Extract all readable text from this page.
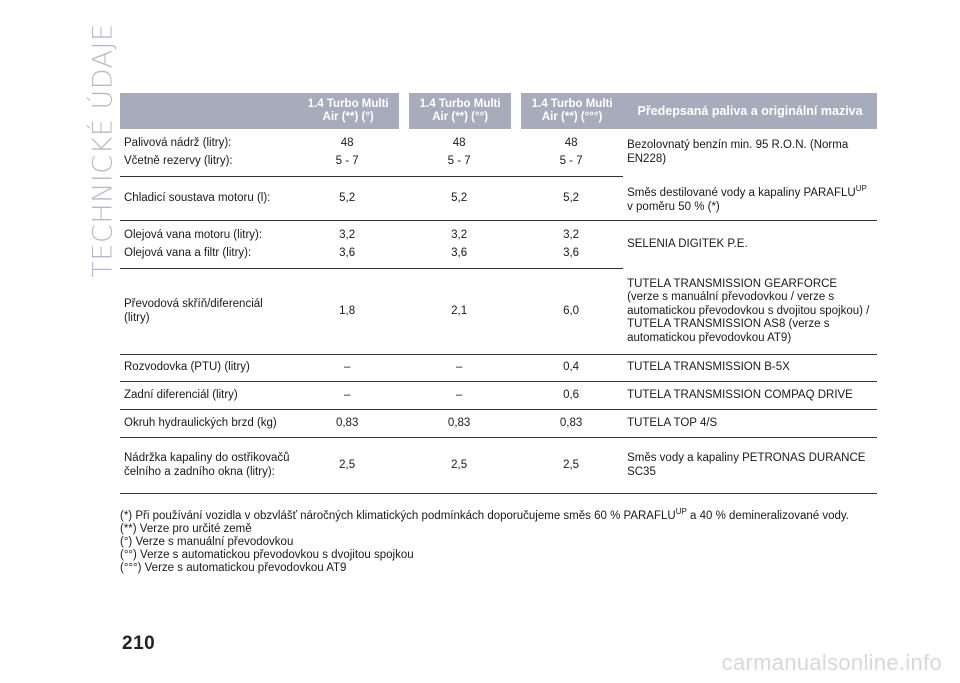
TECHNICKÉ ÚDAJE
		1.4 Turbo Multi Air (**) (°)		1.4 Turbo Multi Air (**) (°°)		1.4 Turbo Multi Air (**) (°°°)	Předepsaná paliva a originální maziva
Palivová nádrž (litry):	48		48		48	Bezolovnatý benzín min. 95 R.O.N. (Norma EN228)
Včetně rezervy (litry):	5 - 7		5 - 7		5 - 7	
Chladicí soustava motoru (l):	5,2		5,2		5,2	Směs destilované vody a kapaliny $PARAFLU^{UP}$ v poměru 50 % (*)
Olejová vana motoru (litry):	3,2		3,2		3,2	SELENIA DIGITEK P.E.
Olejová vana a filtr (litry):	3,6		3,6		3,6	
Převodová skříň/diferenciál (litry)	1,8		2,1		6,0	TUTELA TRANSMISSION GEARFORCE (verze s manuální převodovkou / verze s automatickou převodovkou s dvojitou spojkou) / TUTELA TRANSMISSION AS8 (verze s automatickou převodovkou AT9)
Rozvodovka (PTU) (litry)	–		–		0,4	TUTELA TRANSMISSION B-5X
Zadní diferenciál (litry)	–		–		0,6	TUTELA TRANSMISSION COMPAQ DRIVE
Okruh hydraulických brzd (kg)	0,83		0,83		0,83	TUTELA TOP 4/S
Nádržka kapaliny do ostřikovačů čelního a zadního okna (litry):	2,5		2,5		2,5	Směs vody a kapaliny PETRONAS DURANCE SC35

(*) Při používání vozidla v obzvlášť náročných klimatických podmínkách doporučujeme směs 60 % $PARAFLU^{UP}$ a 40 % demineralizované vody.

(**) Verze pro určité země

(°) Verze s manuální převodovkou

(°°) Verze s automatickou převodovkou s dvojitou spojkou

(°°°) Verze s automatickou převodovkou AT9

210
carmanualsonline.info
